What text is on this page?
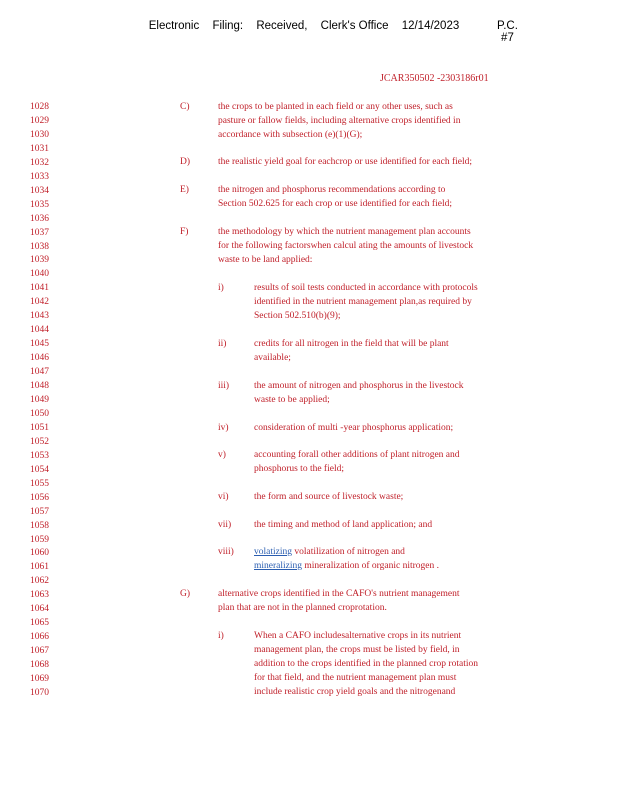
Electronic Filing: Received, Clerk's Office 12/14/2023	P.C. #7
JCAR350502 -2303186r01
1028
1029
1030
1031
1032
1033
1034
1035
1036
1037
1038
1039
1040
1041
1042
1043
1044
1045
1046
1047
1048
1049
1050
1051
1052
1053
1054
1055
1056
1057
1058
1059
1060
1061
1062
1063
1064
1065
1066
1067
1068
1069
1070
C)	the crops to be planted in each field or any other uses, such as
pasture or fallow fields, including alternative crops identified in
accordance with subsection (e)(1)(G);
D)	the realistic yield goal for eachcrop or use identified for each field;
E)	the nitrogen and phosphorus recommendations according to
Section 502.625 for each crop or use identified for each field;
F)	the methodology by which the nutrient management plan accounts
for the following factorswhen calcul ating the amounts of livestock
waste to be land applied:
i)	results of soil tests conducted in accordance with protocols
identified in the nutrient management plan,as required by
Section 502.510(b)(9);
ii)	credits for all nitrogen in the field that will be plant
available;
iii)	the amount of nitrogen and phosphorus in the livestock
waste to be applied;
iv)	consideration of multi -year phosphorus application;
v)	accounting forall other additions of plant nitrogen and
phosphorus to the field;
vi)	the form and source of livestock waste;
vii) the timing and method of land application; and
viii) volatizing volatilization of nitrogen and
mineralizing mineralization of organic nitrogen .
G)	alternative crops identified in the CAFO's nutrient management
plan that are not in the planned croprotation.
i)	When a CAFO includesalternative crops in its nutrient
management plan, the crops must be listed by field, in
addition to the crops identified in the planned crop rotation
for that field, and the nutrient management plan must
include realistic crop yield goals and the nitrogenand
